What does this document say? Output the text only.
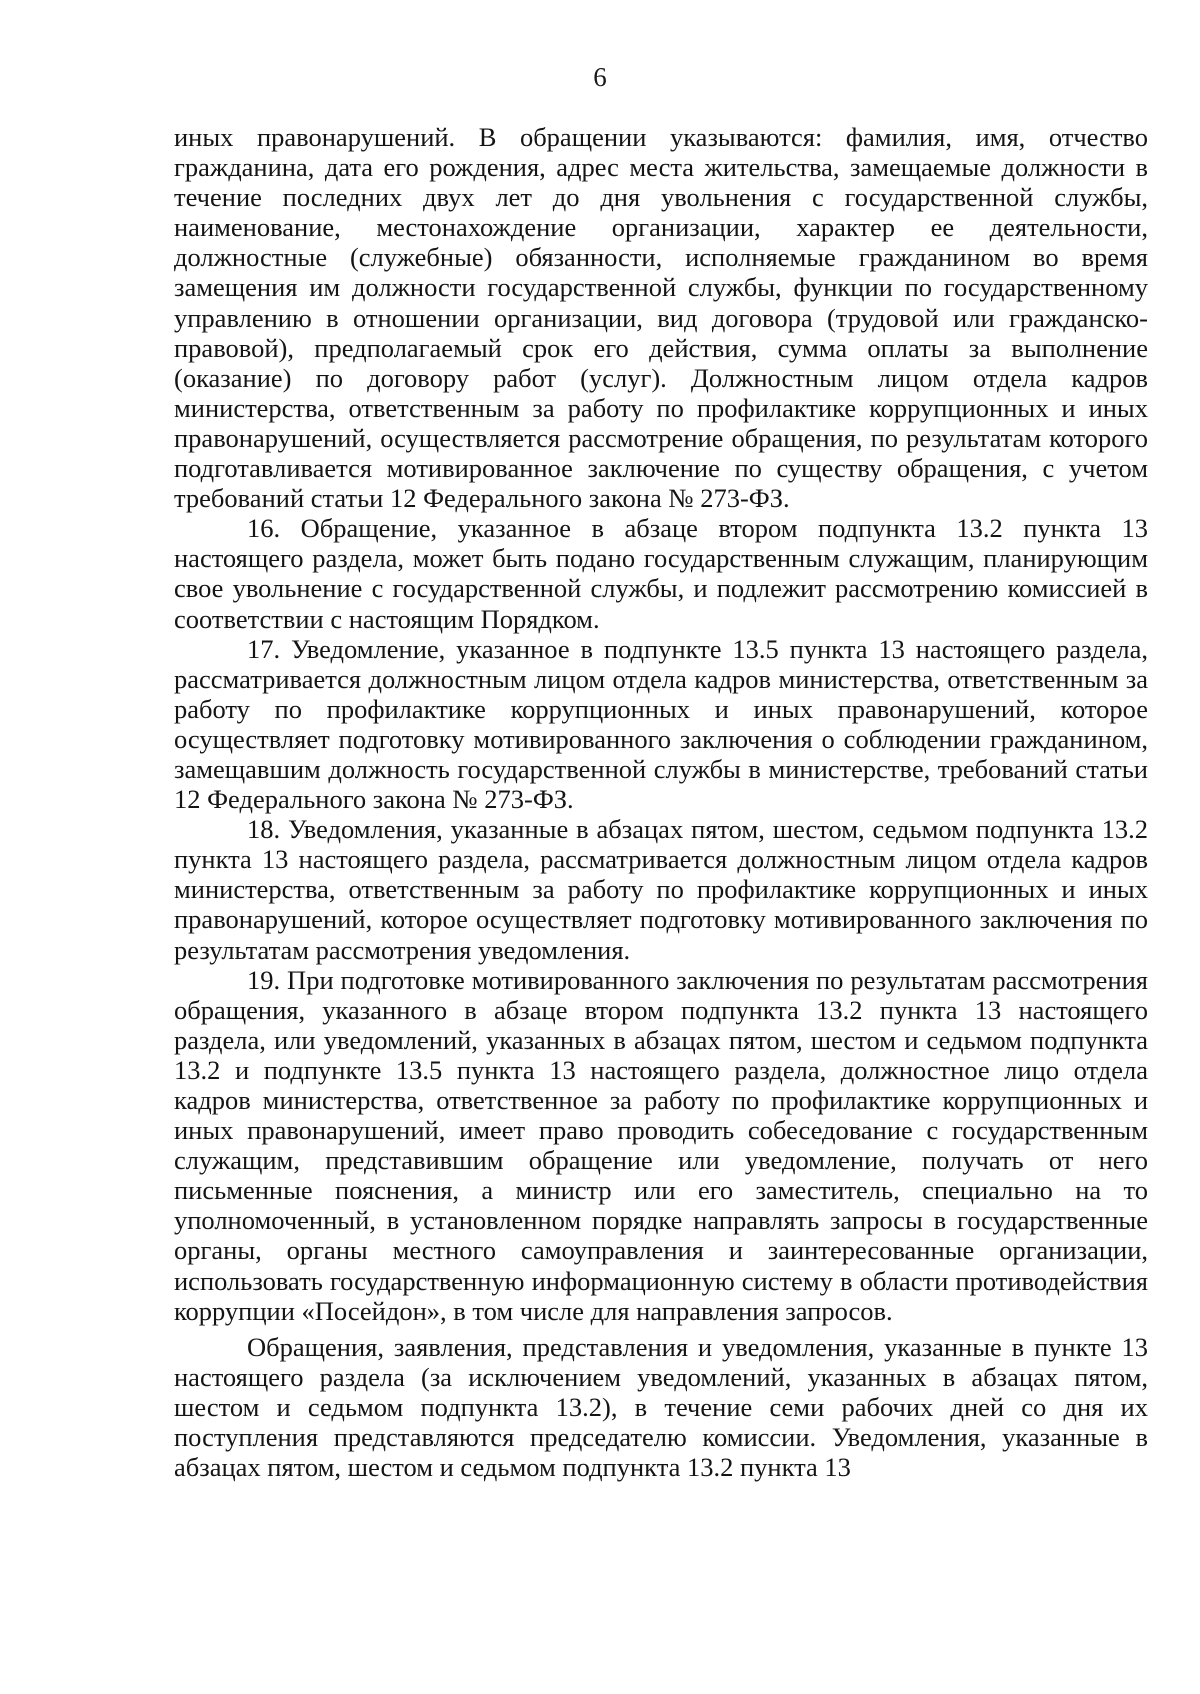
6

иных правонарушений. В обращении указываются: фамилия, имя, отчество гражданина, дата его рождения, адрес места жительства, замещаемые должности в течение последних двух лет до дня увольнения с государственной службы, наименование, местонахождение организации, характер ее деятельности, должностные (служебные) обязанности, исполняемые гражданином во время замещения им должности государственной службы, функции по государственному управлению в отношении организации, вид договора (трудовой или гражданско-правовой), предполагаемый срок его действия, сумма оплаты за выполнение (оказание) по договору работ (услуг). Должностным лицом отдела кадров министерства, ответственным за работу по профилактике коррупционных и иных правонарушений, осуществляется рассмотрение обращения, по результатам которого подготавливается мотивированное заключение по существу обращения, с учетом требований статьи 12 Федерального закона № 273-ФЗ.

16. Обращение, указанное в абзаце втором подпункта 13.2 пункта 13 настоящего раздела, может быть подано государственным служащим, планирующим свое увольнение с государственной службы, и подлежит рассмотрению комиссией в соответствии с настоящим Порядком.

17. Уведомление, указанное в подпункте 13.5 пункта 13 настоящего раздела, рассматривается должностным лицом отдела кадров министерства, ответственным за работу по профилактике коррупционных и иных правонарушений, которое осуществляет подготовку мотивированного заключения о соблюдении гражданином, замещавшим должность государственной службы в министерстве, требований статьи 12 Федерального закона № 273-ФЗ.

18. Уведомления, указанные в абзацах пятом, шестом, седьмом подпункта 13.2 пункта 13 настоящего раздела, рассматривается должностным лицом отдела кадров министерства, ответственным за работу по профилактике коррупционных и иных правонарушений, которое осуществляет подготовку мотивированного заключения по результатам рассмотрения уведомления.

19. При подготовке мотивированного заключения по результатам рассмотрения обращения, указанного в абзаце втором подпункта 13.2 пункта 13 настоящего раздела, или уведомлений, указанных в абзацах пятом, шестом и седьмом подпункта 13.2 и подпункте 13.5 пункта 13 настоящего раздела, должностное лицо отдела кадров министерства, ответственное за работу по профилактике коррупционных и иных правонарушений, имеет право проводить собеседование с государственным служащим, представившим обращение или уведомление, получать от него письменные пояснения, а министр или его заместитель, специально на то уполномоченный, в установленном порядке направлять запросы в государственные органы, органы местного самоуправления и заинтересованные организации, использовать государственную информационную систему в области противодействия коррупции «Посейдон», в том числе для направления запросов.

Обращения, заявления, представления и уведомления, указанные в пункте 13 настоящего раздела (за исключением уведомлений, указанных в абзацах пятом, шестом и седьмом подпункта 13.2), в течение семи рабочих дней со дня их поступления представляются председателю комиссии. Уведомления, указанные в абзацах пятом, шестом и седьмом подпункта 13.2 пункта 13
